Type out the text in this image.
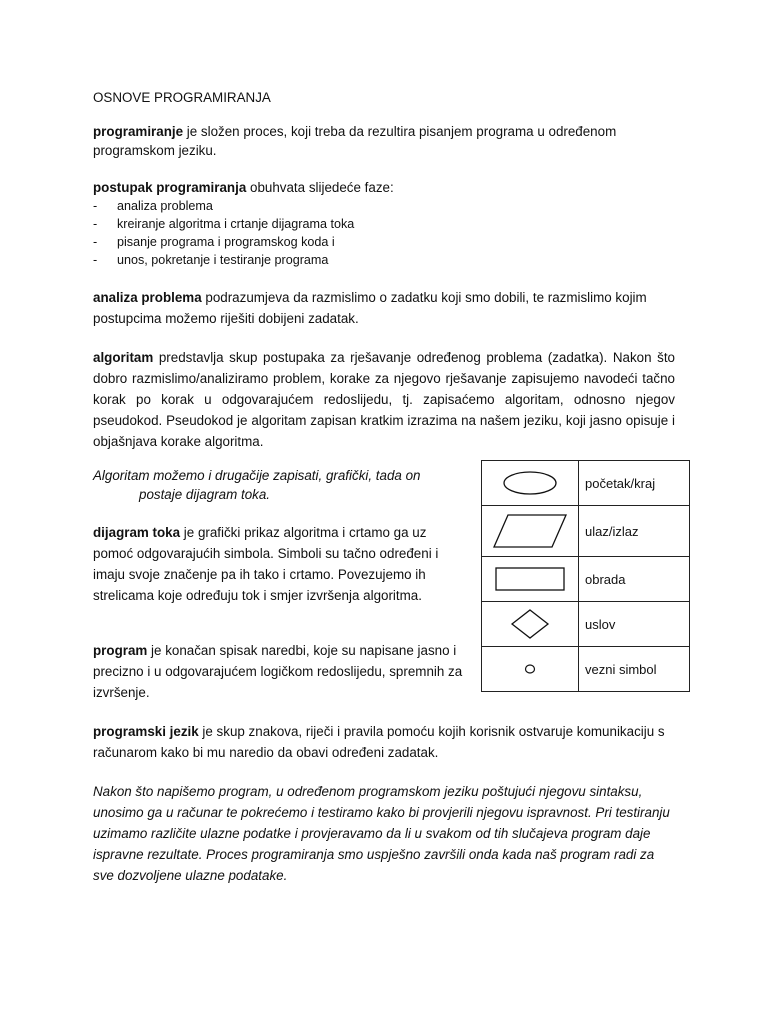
OSNOVE PROGRAMIRANJA

programiranje je složen proces, koji treba da rezultira pisanjem programa u određenom programskom jeziku.

postupak programiranja obuhvata slijedeće faze:

- analiza problema
- kreiranje algoritma i crtanje dijagrama toka
- pisanje programa i programskog koda i
- unos, pokretanje i testiranje programa

analiza problema podrazumjeva da razmislimo o zadatku koji smo dobili, te razmislimo kojim postupcima možemo riješiti dobijeni zadatak.

algoritam predstavlja skup postupaka za rješavanje određenog problema (zadatka). Nakon što dobro razmislimo/analiziramo problem, korake za njegovo rješavanje zapisujemo navodeći tačno korak po korak u odgovarajućem redoslijedu, tj. zapisaćemo algoritam, odnosno njegov pseudokod. Pseudokod je algoritam zapisan kratkim izrazima na našem jeziku, koji jasno opisuje i objašnjava korake algoritma.

Algoritam možemo i drugačije zapisati, grafički, tada on

postaje dijagram toka.

dijagram toka je grafički prikaz algoritma i crtamo ga uz pomoć odgovarajućih simbola. Simboli su tačno određeni i imaju svoje značenje pa ih tako i crtamo. Povezujemo ih strelicama koje određuju tok i smjer izvršenja algoritma.

program je konačan spisak naredbi, koje su napisane jasno i precizno i u odgovarajućem logičkom redoslijedu, spremnih za izvršenje.

programski jezik je skup znakova, riječi i pravila pomoću kojih korisnik ostvaruje komunikaciju s računarom kako bi mu naredio da obavi određeni zadatak.

Nakon što napišemo program, u određenom programskom jeziku poštujući njegovu sintaksu, unosimo ga u računar te pokrećemo i testiramo kako bi provjerili njegovu ispravnost. Pri testiranju uzimamo različite ulazne podatke i provjeravamo da li u svakom od tih slučajeva program daje ispravne rezultate. Proces programiranja smo uspješno završili onda kada naš program radi za sve dozvoljene ulazne podatake.

	početak/kraj

	ulaz/izlaz

	obrada

	uslov

	vezni simbol
